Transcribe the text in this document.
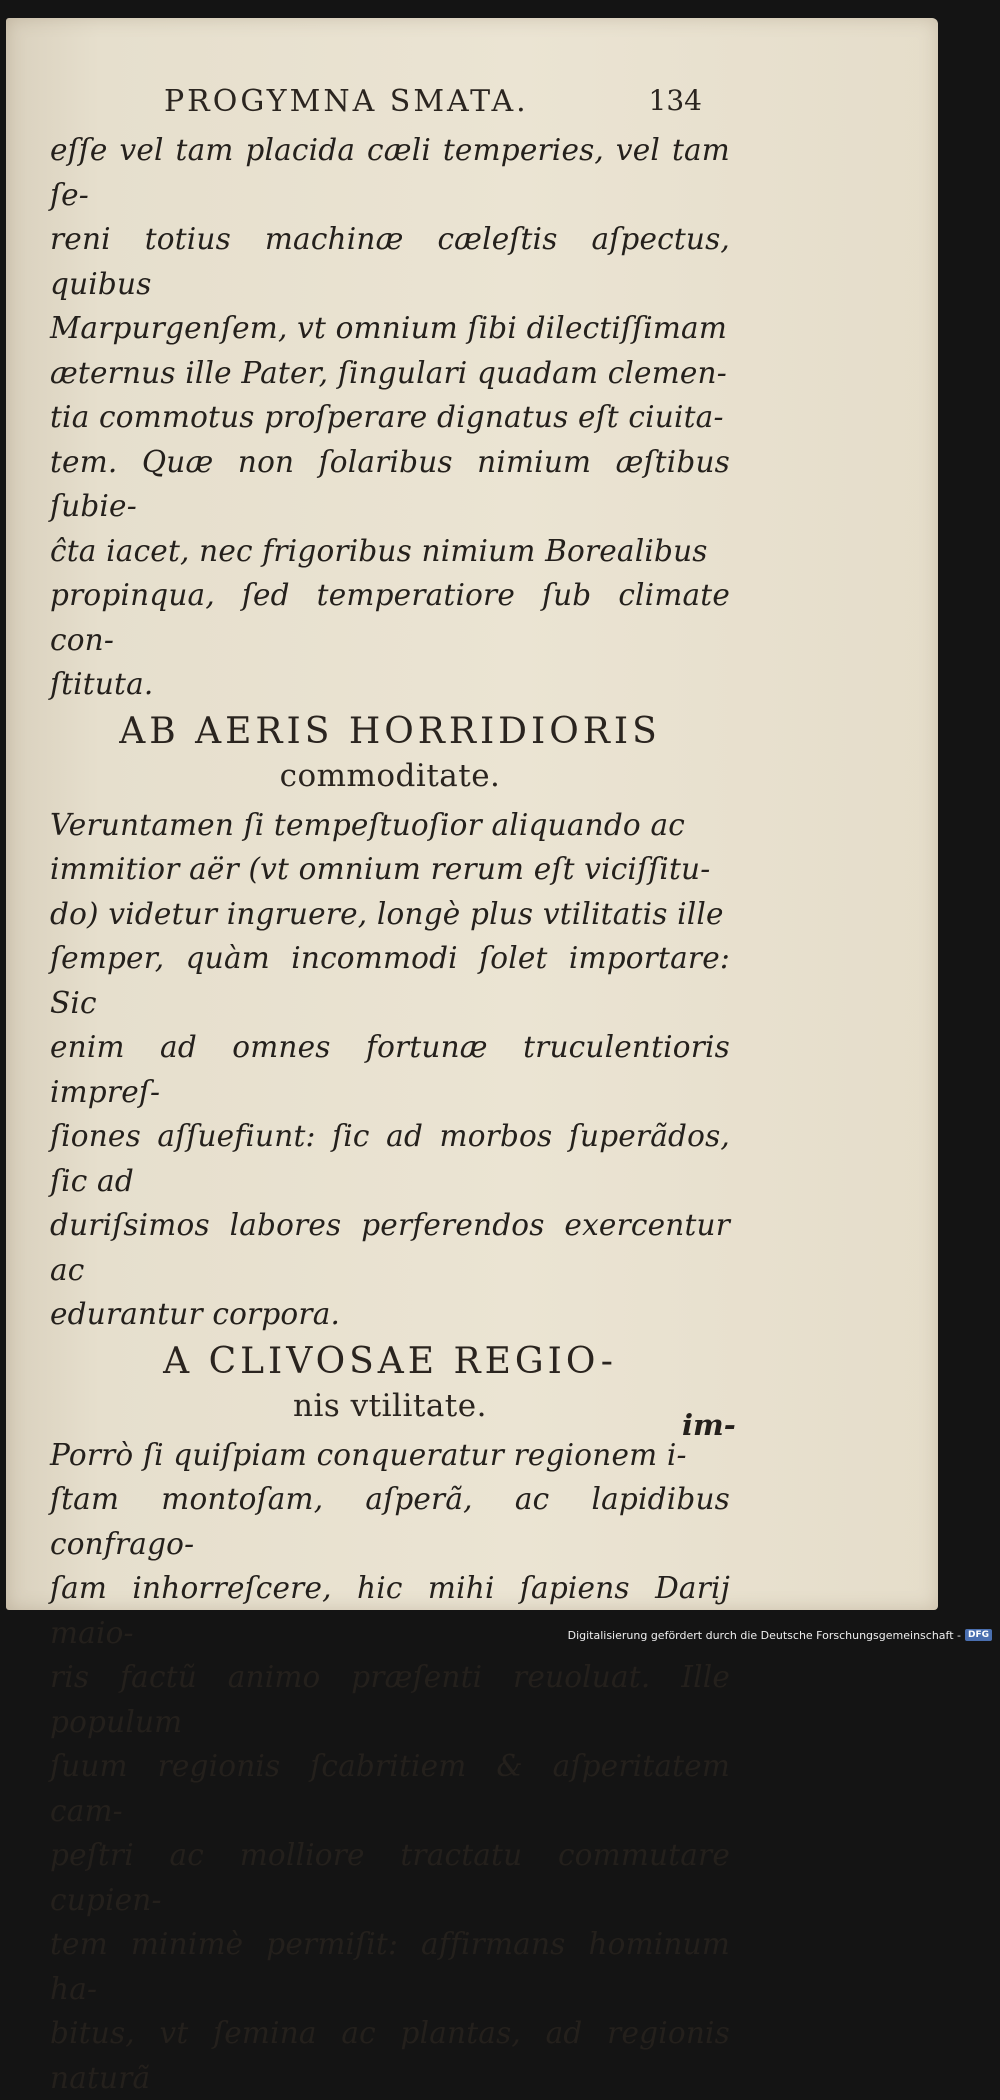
PROGYMNA SMATA.	134

eſſe vel tam placida cæli temperies, vel tam ſe-
reni totius machinæ cæleſtis aſpectus, quibus
Marpurgenſem, vt omnium ſibi dilectiſſimam
æternus ille Pater, ſingulari quadam clemen-
tia commotus proſperare dignatus eſt ciuita-
tem. Quæ non ſolaribus nimium æſtibus ſubie-
ĉta iacet, nec frigoribus nimium Borealibus
propinqua, ſed temperatiore ſub climate con-
ſtituta.

AB AERIS HORRIDIORIS
commoditate.

Veruntamen ſi tempeſtuoſior aliquando ac
immitior aër (vt omnium rerum eſt viciſſitu-
do) videtur ingruere, longè plus vtilitatis ille
ſemper, quàm incommodi ſolet importare: Sic
enim ad omnes fortunæ truculentioris impreſ-
ſiones aſſuefiunt: ſic ad morbos ſuperãdos, ſic ad
duriſsimos labores perferendos exercentur ac
edurantur corpora.

A CLIVOSAE REGIO-
nis vtilitate.

Porrò ſi quiſpiam conqueratur regionem i-
ſtam montoſam, aſperã, ac lapidibus confrago-
ſam inhorreſcere, hic mihi ſapiens Darij maio-
ris factũ animo præſenti reuoluat. Ille populum
ſuum regionis ſcabritiem & aſperitatem cam-
peſtri ac molliore tractatu commutare cupien-
tem minimè permiſit: affirmans hominum ha-
bitus, vt ſemina ac plantas, ad regionis naturã

im-
Digitalisierung gefördert durch die Deutsche Forschungsgemeinschaft - DFG
